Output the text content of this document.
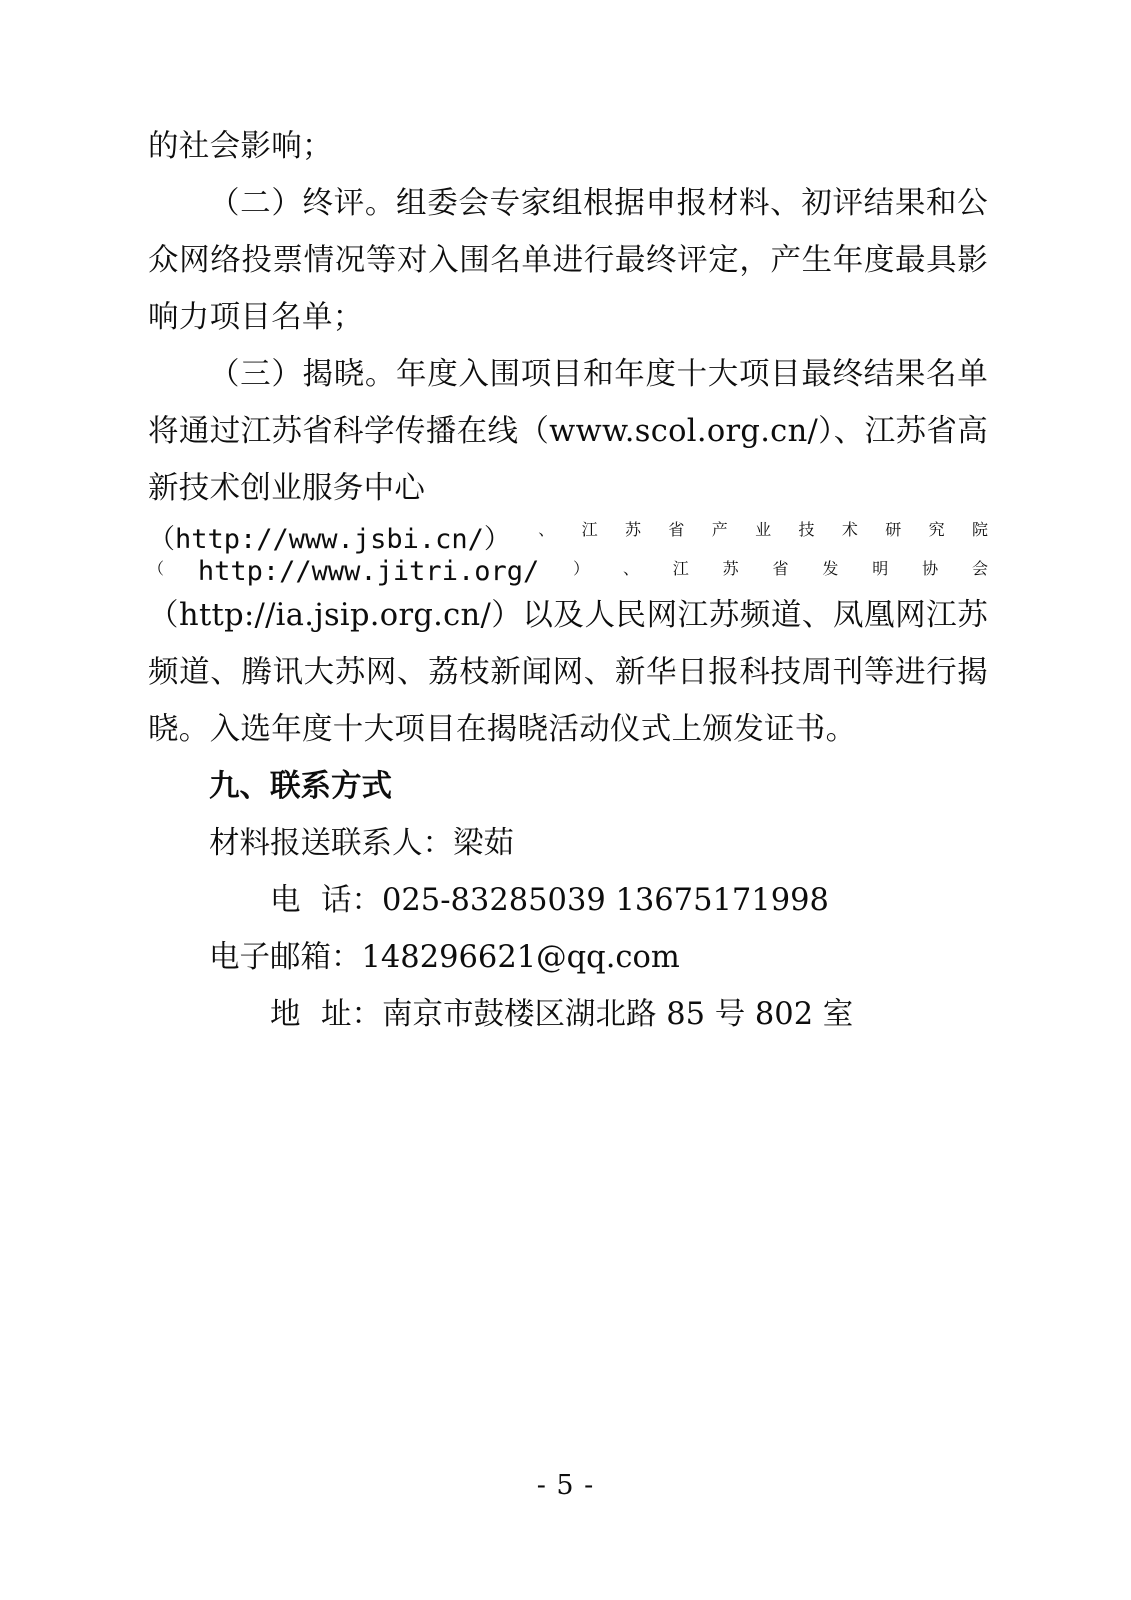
的社会影响；

（二）终评。组委会专家组根据申报材料、初评结果和公众网络投票情况等对入围名单进行最终评定，产生年度最具影响力项目名单；

（三）揭晓。年度入围项目和年度十大项目最终结果名单将通过江苏省科学传播在线（www.scol.org.cn/）、江苏省高新技术创业服务中心

（http://www.jsbi.cn/） 、 江 苏 省 产 业 技 术 研 究 院
（ http://www.jitri.org/ ） 、 江 苏 省 发 明 协 会

（http://ia.jsip.org.cn/）以及人民网江苏频道、凤凰网江苏频道、腾讯大苏网、荔枝新闻网、新华日报科技周刊等进行揭晓。入选年度十大项目在揭晓活动仪式上颁发证书。

九、联系方式

材料报送联系人：梁茹

电 话：025-83285039 13675171998

电子邮箱：148296621@qq.com

地 址：南京市鼓楼区湖北路 85 号 802 室

- 5 -
